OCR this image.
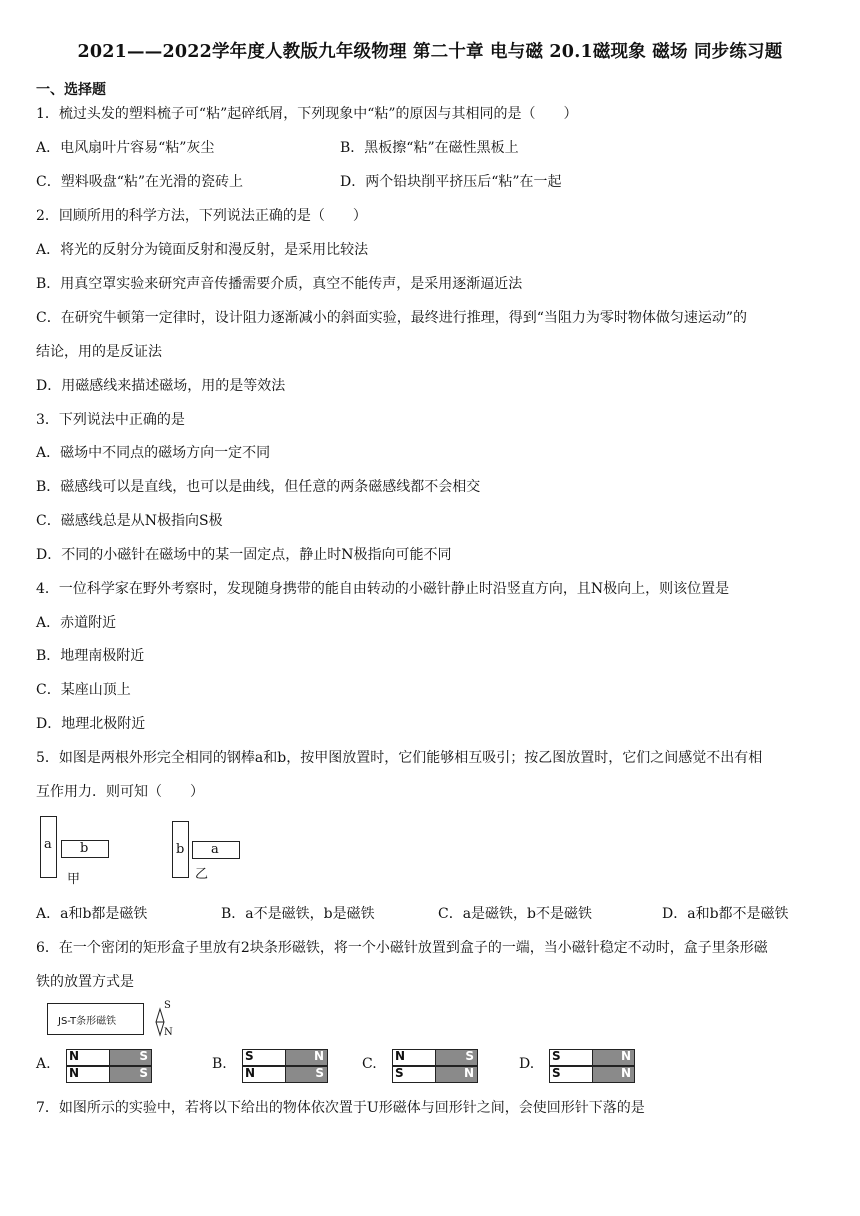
2021——2022学年度人教版九年级物理 第二十章 电与磁 20.1磁现象 磁场 同步练习题
一、选择题
1．梳过头发的塑料梳子可“粘”起碎纸屑，下列现象中“粘”的原因与其相同的是（　　）
A．电风扇叶片容易“粘”灰尘	B．黑板擦“粘”在磁性黑板上
C．塑料吸盘“粘”在光滑的瓷砖上	D．两个铅块削平挤压后“粘”在一起
2．回顾所用的科学方法，下列说法正确的是（　　）
A．将光的反射分为镜面反射和漫反射，是采用比较法
B．用真空罩实验来研究声音传播需要介质，真空不能传声，是采用逐渐逼近法
C．在研究牛顿第一定律时，设计阻力逐渐减小的斜面实验，最终进行推理，得到“当阻力为零时物体做匀速运动”的
结论，用的是反证法
D．用磁感线来描述磁场，用的是等效法
3．下列说法中正确的是
A．磁场中不同点的磁场方向一定不同
B．磁感线可以是直线，也可以是曲线，但任意的两条磁感线都不会相交
C．磁感线总是从N极指向S极
D．不同的小磁针在磁场中的某一固定点，静止时N极指向可能不同
4．一位科学家在野外考察时，发现随身携带的能自由转动的小磁针静止时沿竖直方向，且N极向上，则该位置是
A．赤道附近
B．地理南极附近
C．某座山顶上
D．地理北极附近
5．如图是两根外形完全相同的钢棒a和b，按甲图放置时，它们能够相互吸引；按乙图放置时，它们之间感觉不出有相
互作用力．则可知（　　）
a b
甲
b a
乙
A．a和b都是磁铁	B．a不是磁铁，b是磁铁	C．a是磁铁，b不是磁铁	D．a和b都不是磁铁
6．在一个密闭的矩形盒子里放有2块条形磁铁，将一个小磁针放置到盒子的一端，当小磁针稳定不动时，盒子里条形磁
铁的放置方式是
JS-T条形磁铁
S
N
A. N	S
N	S
B. S	N
N	S
C. N	S
S	N
D. S	N
S	N
7．如图所示的实验中，若将以下给出的物体依次置于U形磁体与回形针之间，会使回形针下落的是
